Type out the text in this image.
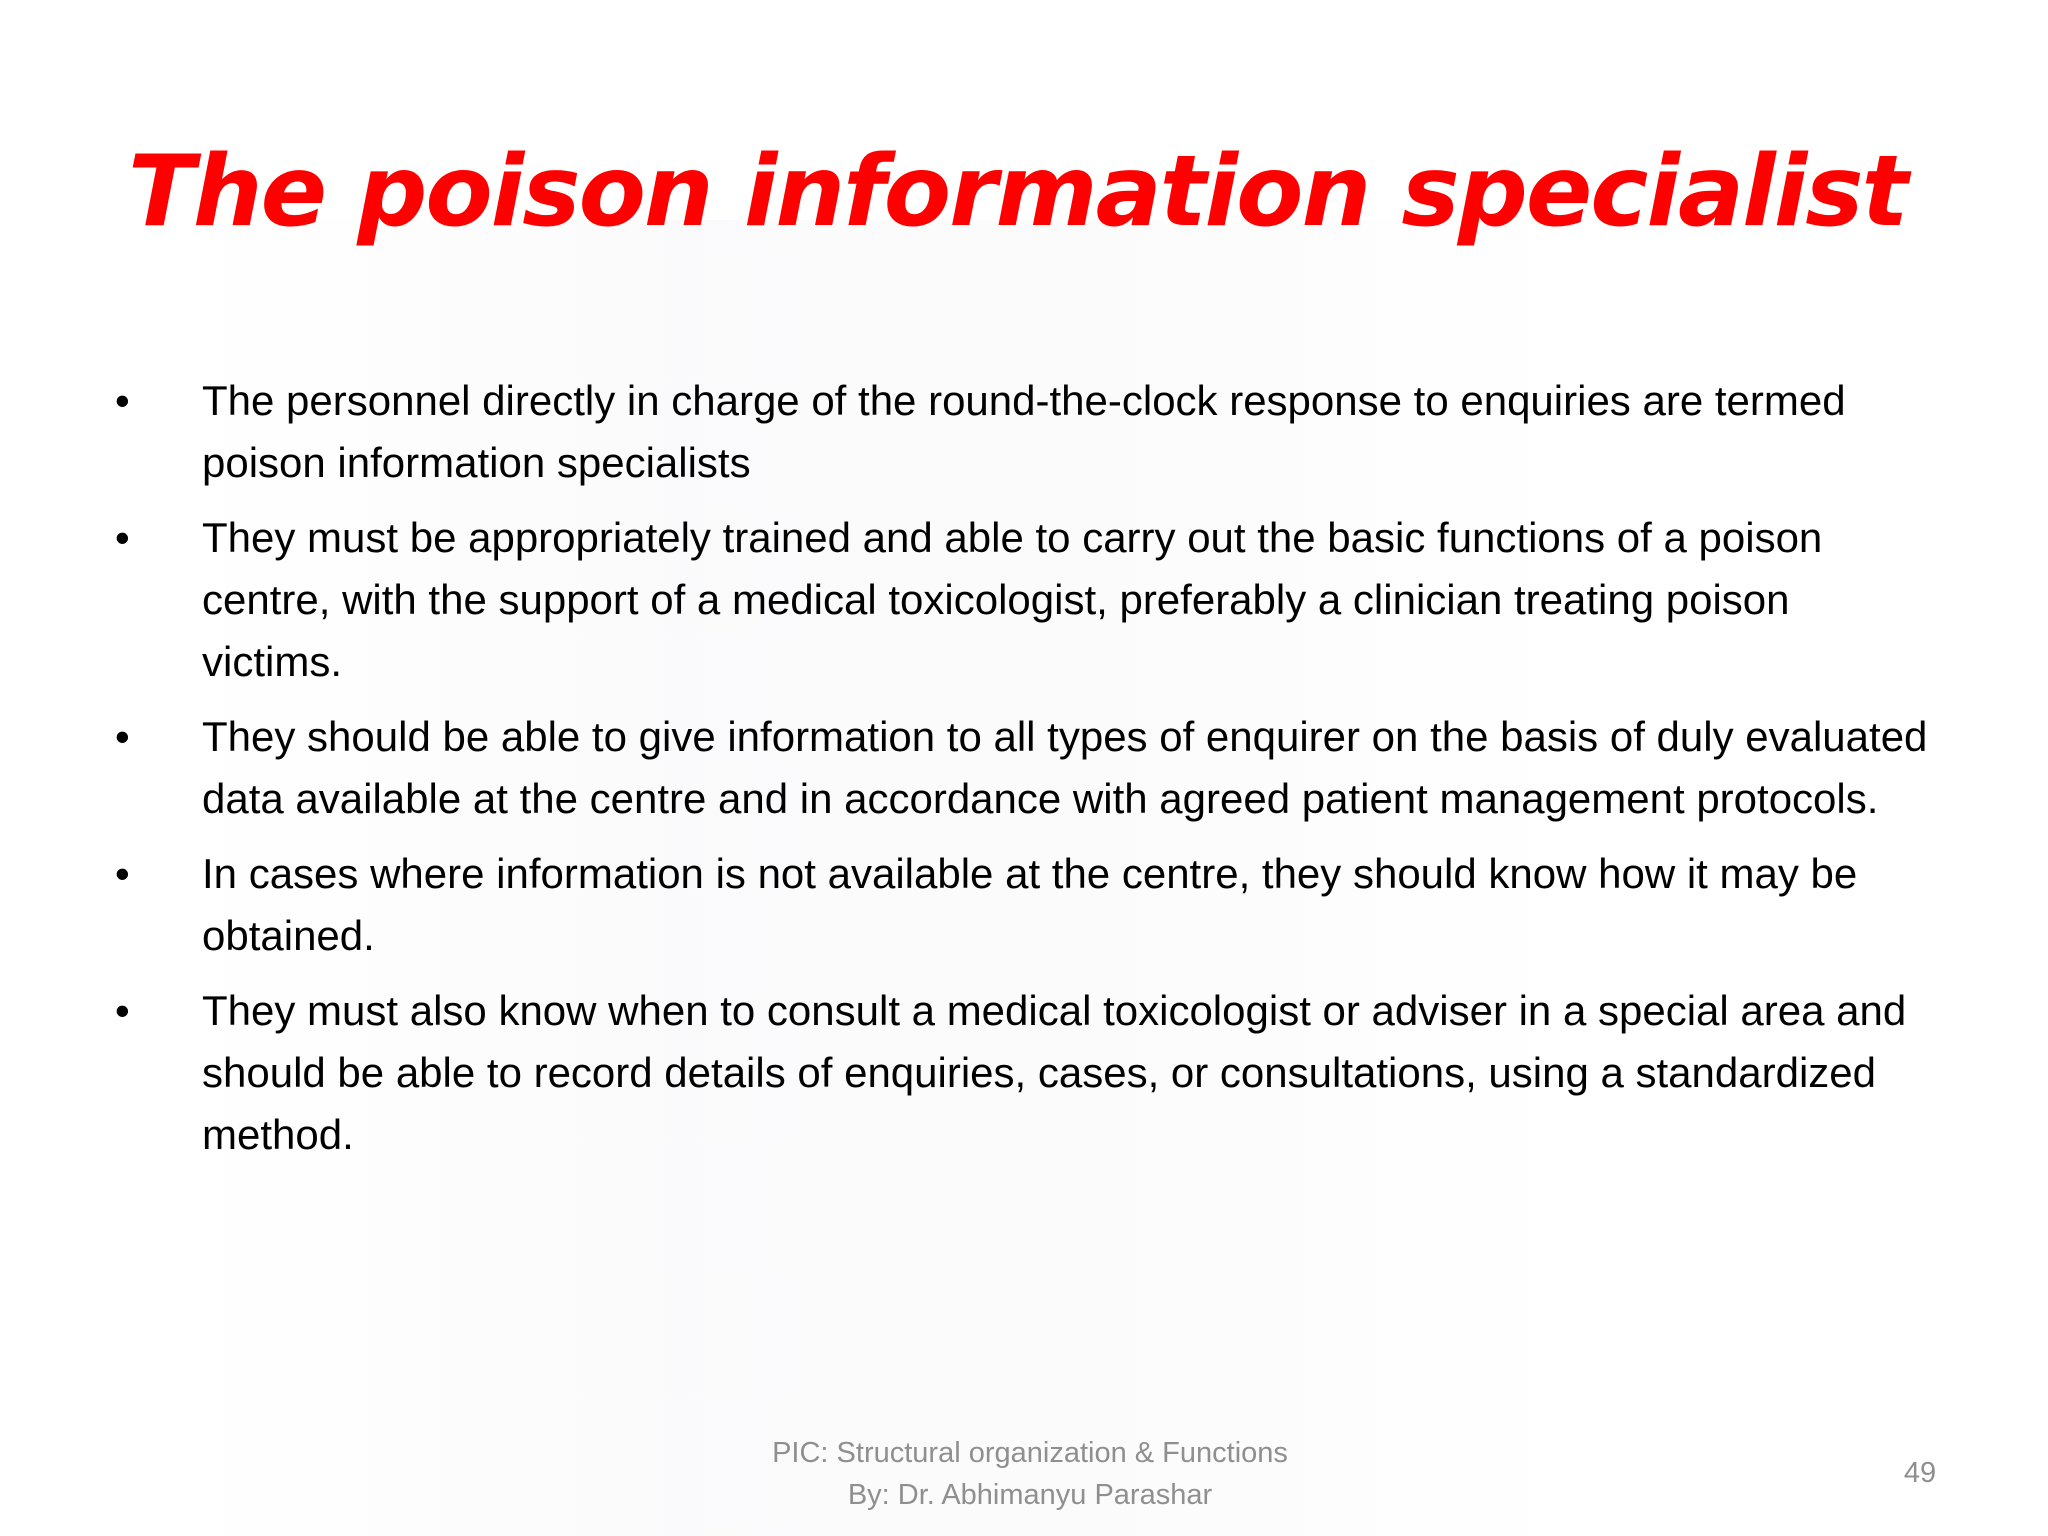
The poison information specialist
•	The personnel directly in charge of the round-the-clock response to enquiries are termed poison information specialists
•	They must be appropriately trained and able to carry out the basic functions of a poison centre, with the support of a medical toxicologist, preferably a clinician treating poison victims.
•	They should be able to give information to all types of enquirer on the basis of duly evaluated data available at the centre and in accordance with agreed patient management protocols.
•	In cases where information is not available at the centre, they should know how it may be obtained.
•	They must also know when to consult a medical toxicologist or adviser in a special area and should be able to record details of enquiries, cases, or consultations, using a standardized method.
PIC: Structural organization & Functions
By: Dr. Abhimanyu Parashar
49
